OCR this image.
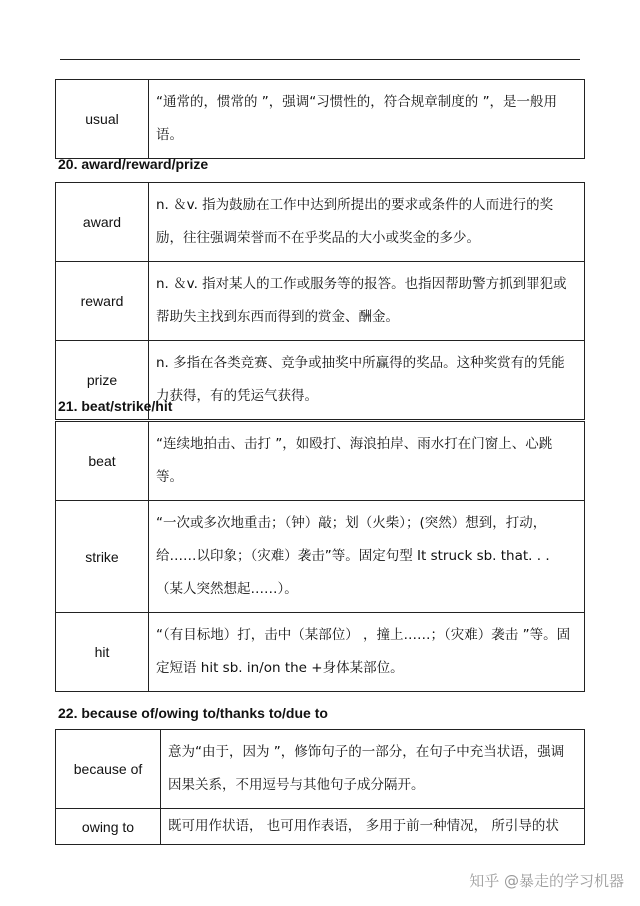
usual	“通常的，惯常的 ”，强调“习惯性的，符合规章制度的 ”，是一般用语。
20. award/reward/prize
award	n. ＆v. 指为鼓励在工作中达到所提出的要求或条件的人而进行的奖励，往往强调荣誉而不在乎奖品的大小或奖金的多少。
reward	n. ＆v. 指对某人的工作或服务等的报答。也指因帮助警方抓到罪犯或帮助失主找到东西而得到的赏金、酬金。
prize	n. 多指在各类竞赛、竞争或抽奖中所赢得的奖品。这种奖赏有的凭能力获得，有的凭运气获得。
21. beat/strike/hit
beat	“连续地拍击、击打 ”，如殴打、海浪拍岸、雨水打在门窗上、心跳等。
strike	“一次或多次地重击；（钟）敲；划（火柴）；(突然）想到，打动，给……以印象；（灾难）袭击”等。固定句型 It struck sb. that. . .（某人突然想起……）。
hit	“（有目标地）打，击中（某部位） ，撞上……；（灾难）袭击 ”等。固定短语 hit sb. in/on the +身体某部位。
22. because of/owing to/thanks to/due to
because of	意为“由于，因为 ”，修饰句子的一部分，在句子中充当状语，强调因果关系，不用逗号与其他句子成分隔开。
owing to	既可用作状语， 也可用作表语， 多用于前一种情况， 所引导的状
知乎 @暴走的学习机器
